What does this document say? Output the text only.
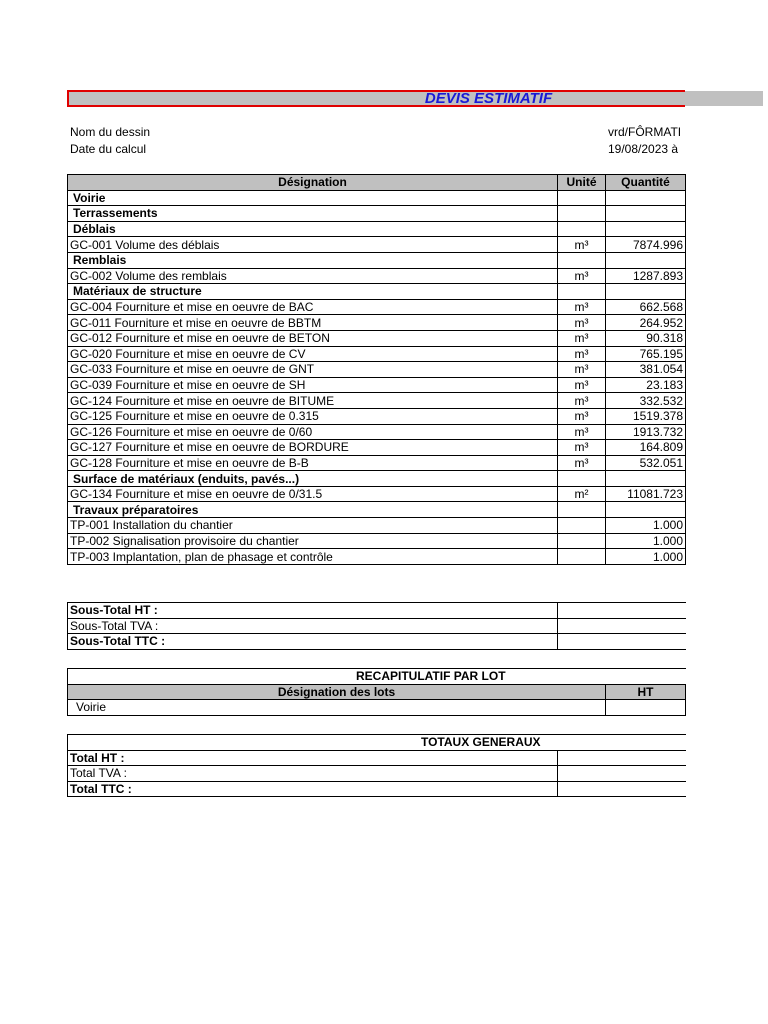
DEVIS ESTIMATIF
Nom du dessin	vrd/FÔRMATI
Date du calcul	19/08/2023 à
Désignation	Unité	Quantité
Voirie		
Terrassements		
Déblais		
GC-001 Volume des déblais	m³	7874.996
Remblais		
GC-002 Volume des remblais	m³	1287.893
Matériaux de structure		
GC-004 Fourniture et mise en oeuvre de BAC	m³	662.568
GC-011 Fourniture et mise en oeuvre de BBTM	m³	264.952
GC-012 Fourniture et mise en oeuvre de BETON	m³	90.318
GC-020 Fourniture et mise en oeuvre de CV	m³	765.195
GC-033 Fourniture et mise en oeuvre de GNT	m³	381.054
GC-039 Fourniture et mise en oeuvre de SH	m³	23.183
GC-124 Fourniture et mise en oeuvre de BITUME	m³	332.532
GC-125 Fourniture et mise en oeuvre de 0.315	m³	1519.378
GC-126 Fourniture et mise en oeuvre de 0/60	m³	1913.732
GC-127 Fourniture et mise en oeuvre de BORDURE	m³	164.809
GC-128 Fourniture et mise en oeuvre de B-B	m³	532.051
Surface de matériaux (enduits, pavés...)		
GC-134 Fourniture et mise en oeuvre de 0/31.5	m²	11081.723
Travaux préparatoires		
TP-001 Installation du chantier		1.000
TP-002 Signalisation provisoire du chantier		1.000
TP-003 Implantation, plan de phasage et contrôle		1.000
Sous-Total HT :	
Sous-Total TVA :	
Sous-Total TTC :	
RECAPITULATIF PAR LOT	
Désignation des lots	HT
Voirie	
TOTAUX GENERAUX	
Total HT :	
Total TVA :	
Total TTC :	
